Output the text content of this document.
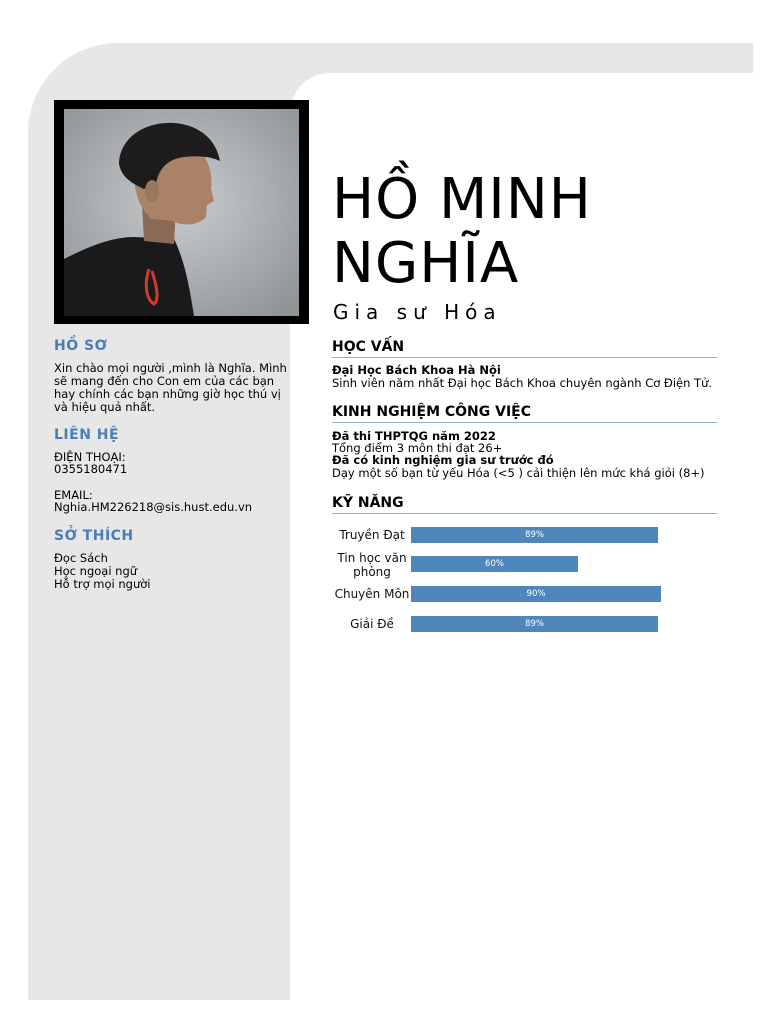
HỒ MINH
NGHĨA
Gia sư Hóa
HỒ SƠ
Xin chào mọi người ,mình là Nghĩa. Mình sẽ mang đến cho Con em của các bạn hay chính các bạn những giờ học thú vị và hiệu quả nhất.
LIÊN HỆ
ĐIỆN THOẠI:
0355180471
EMAIL:
Nghia.HM226218@sis.hust.edu.vn
SỞ THÍCH
Đọc Sách
Học ngoại ngữ
Hỗ trợ mọi người
HỌC VẤN
Đại Học Bách Khoa Hà Nội
Sinh viên năm nhất Đại học Bách Khoa chuyên ngành Cơ Điện Tử.
KINH NGHIỆM CÔNG VIỆC
Đã thi THPTQG năm 2022
Tổng điểm 3 môn thi đạt 26+
Đã có kinh nghiệm gia sư trước đó
Dạy một số bạn từ yếu Hóa (<5 ) cải thiện lên mức khá giỏi (8+)
KỸ NĂNG
Truyền Đạt	89%
Tin học văn phòng
60%
Chuyên Môn	90%
Giải Đề	89%
